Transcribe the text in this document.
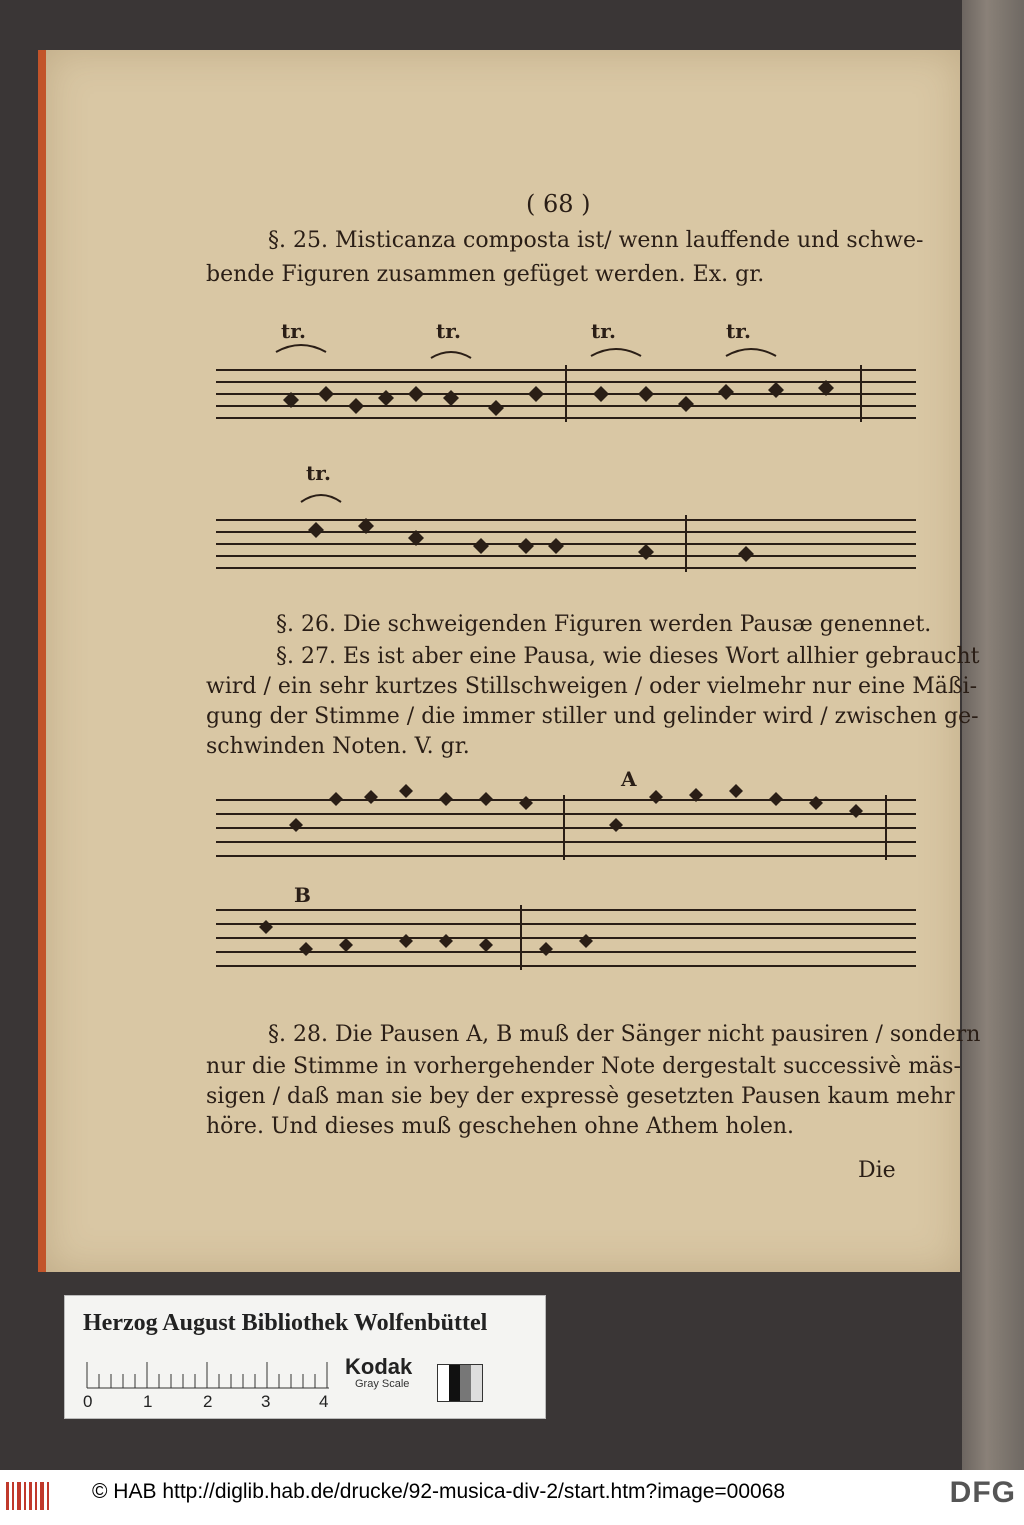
( 68 )
§. 25. Misticanza composta ist/ wenn lauffende und schwe-
bende Figuren zusammen gefüget werden. Ex. gr.
tr.	tr.	tr.	tr.
tr.
§. 26. Die schweigenden Figuren werden Pausæ genennet.
§. 27. Es ist aber eine Pausa, wie dieses Wort allhier gebraucht
wird / ein sehr kurtzes Stillschweigen / oder vielmehr nur eine Mäßi-
gung der Stimme / die immer stiller und gelinder wird / zwischen ge-
schwinden Noten. V. gr.
A
B
§. 28. Die Pausen A, B muß der Sänger nicht pausiren / sondern
nur die Stimme in vorhergehender Note dergestalt successivè mäs-
sigen / daß man sie bey der expressè gesetzten Pausen kaum mehr
höre. Und dieses muß geschehen ohne Athem holen.
Die
Herzog August Bibliothek Wolfenbüttel
0	1	2	3	4
Kodak
Gray Scale
© HAB http://diglib.hab.de/drucke/92-musica-div-2/start.htm?image=00068	DFG
